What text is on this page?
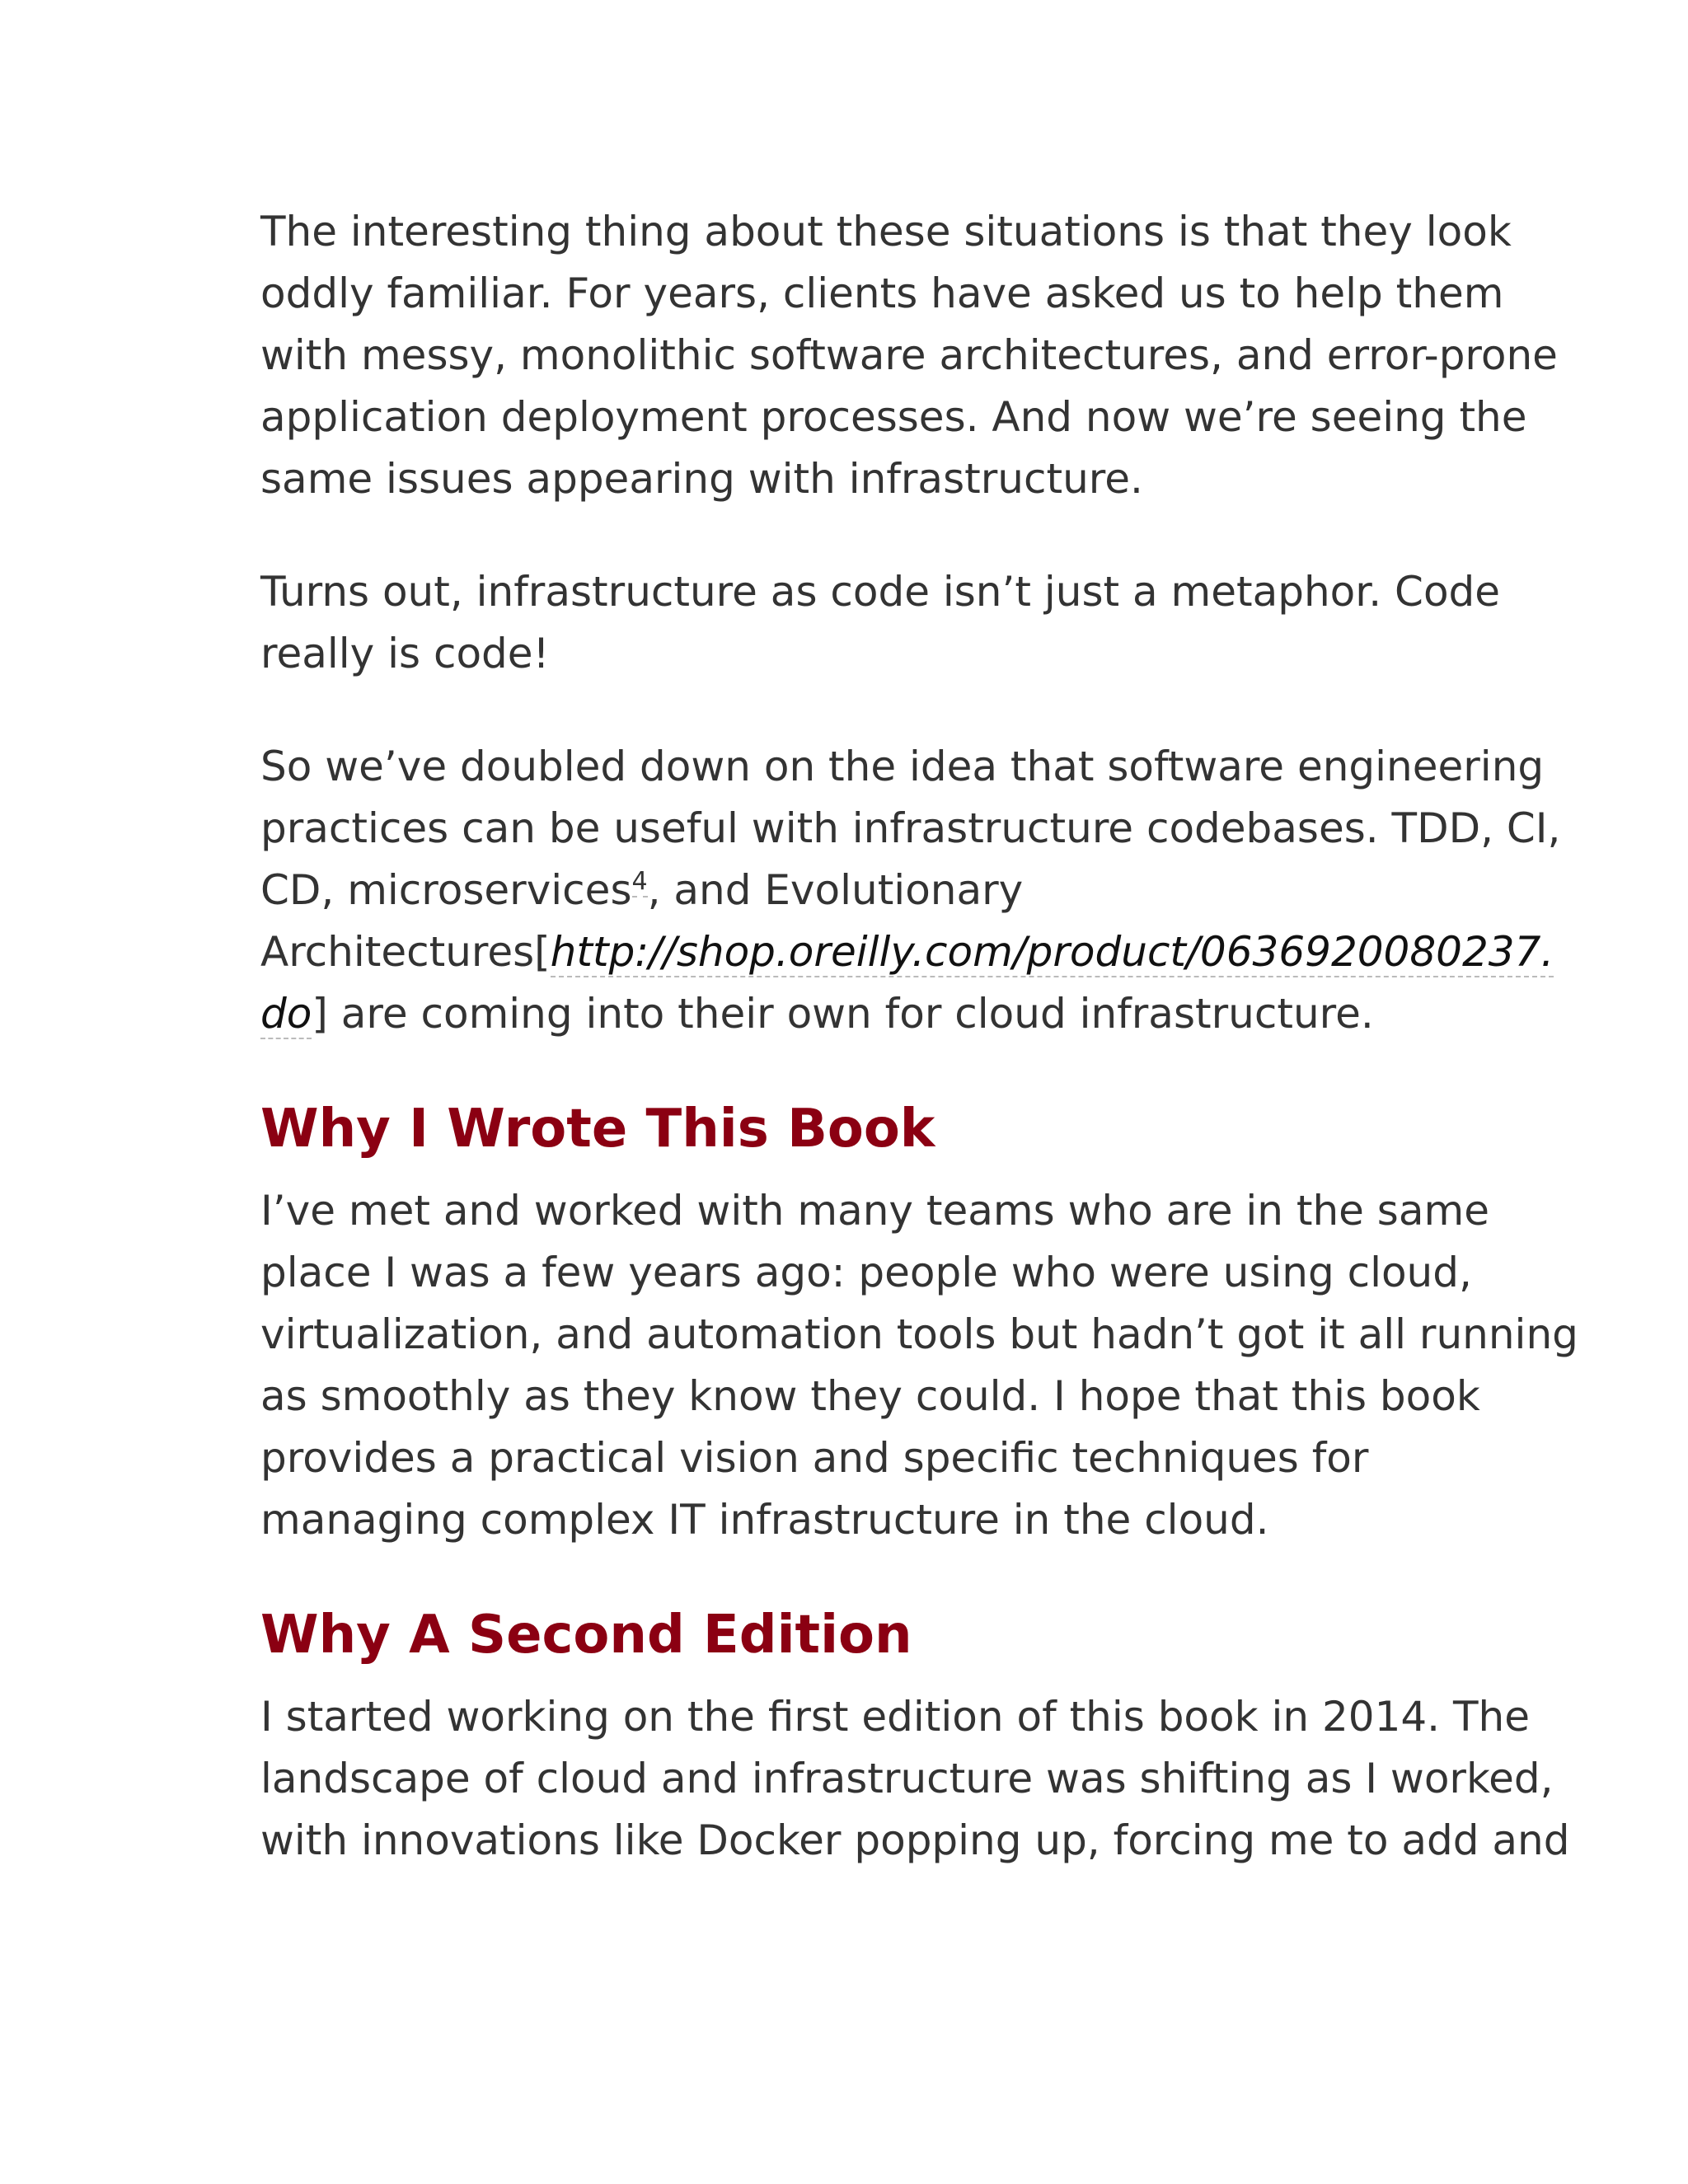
The interesting thing about these situations is that they look
oddly familiar. For years, clients have asked us to help them
with messy, monolithic software architectures, and error-prone
application deployment processes. And now we’re seeing the
same issues appearing with infrastructure.

Turns out, infrastructure as code isn’t just a metaphor. Code
really is code!

So we’ve doubled down on the idea that software engineering
practices can be useful with infrastructure codebases. TDD, CI,
CD, microservices$^4$, and Evolutionary
Architectures[http://shop.oreilly.com/product/0636920080237.
do] are coming into their own for cloud infrastructure.

Why I Wrote This Book

I’ve met and worked with many teams who are in the same
place I was a few years ago: people who were using cloud,
virtualization, and automation tools but hadn’t got it all running
as smoothly as they know they could. I hope that this book
provides a practical vision and specific techniques for
managing complex IT infrastructure in the cloud.

Why A Second Edition

I started working on the first edition of this book in 2014. The
landscape of cloud and infrastructure was shifting as I worked,
with innovations like Docker popping up, forcing me to add and
